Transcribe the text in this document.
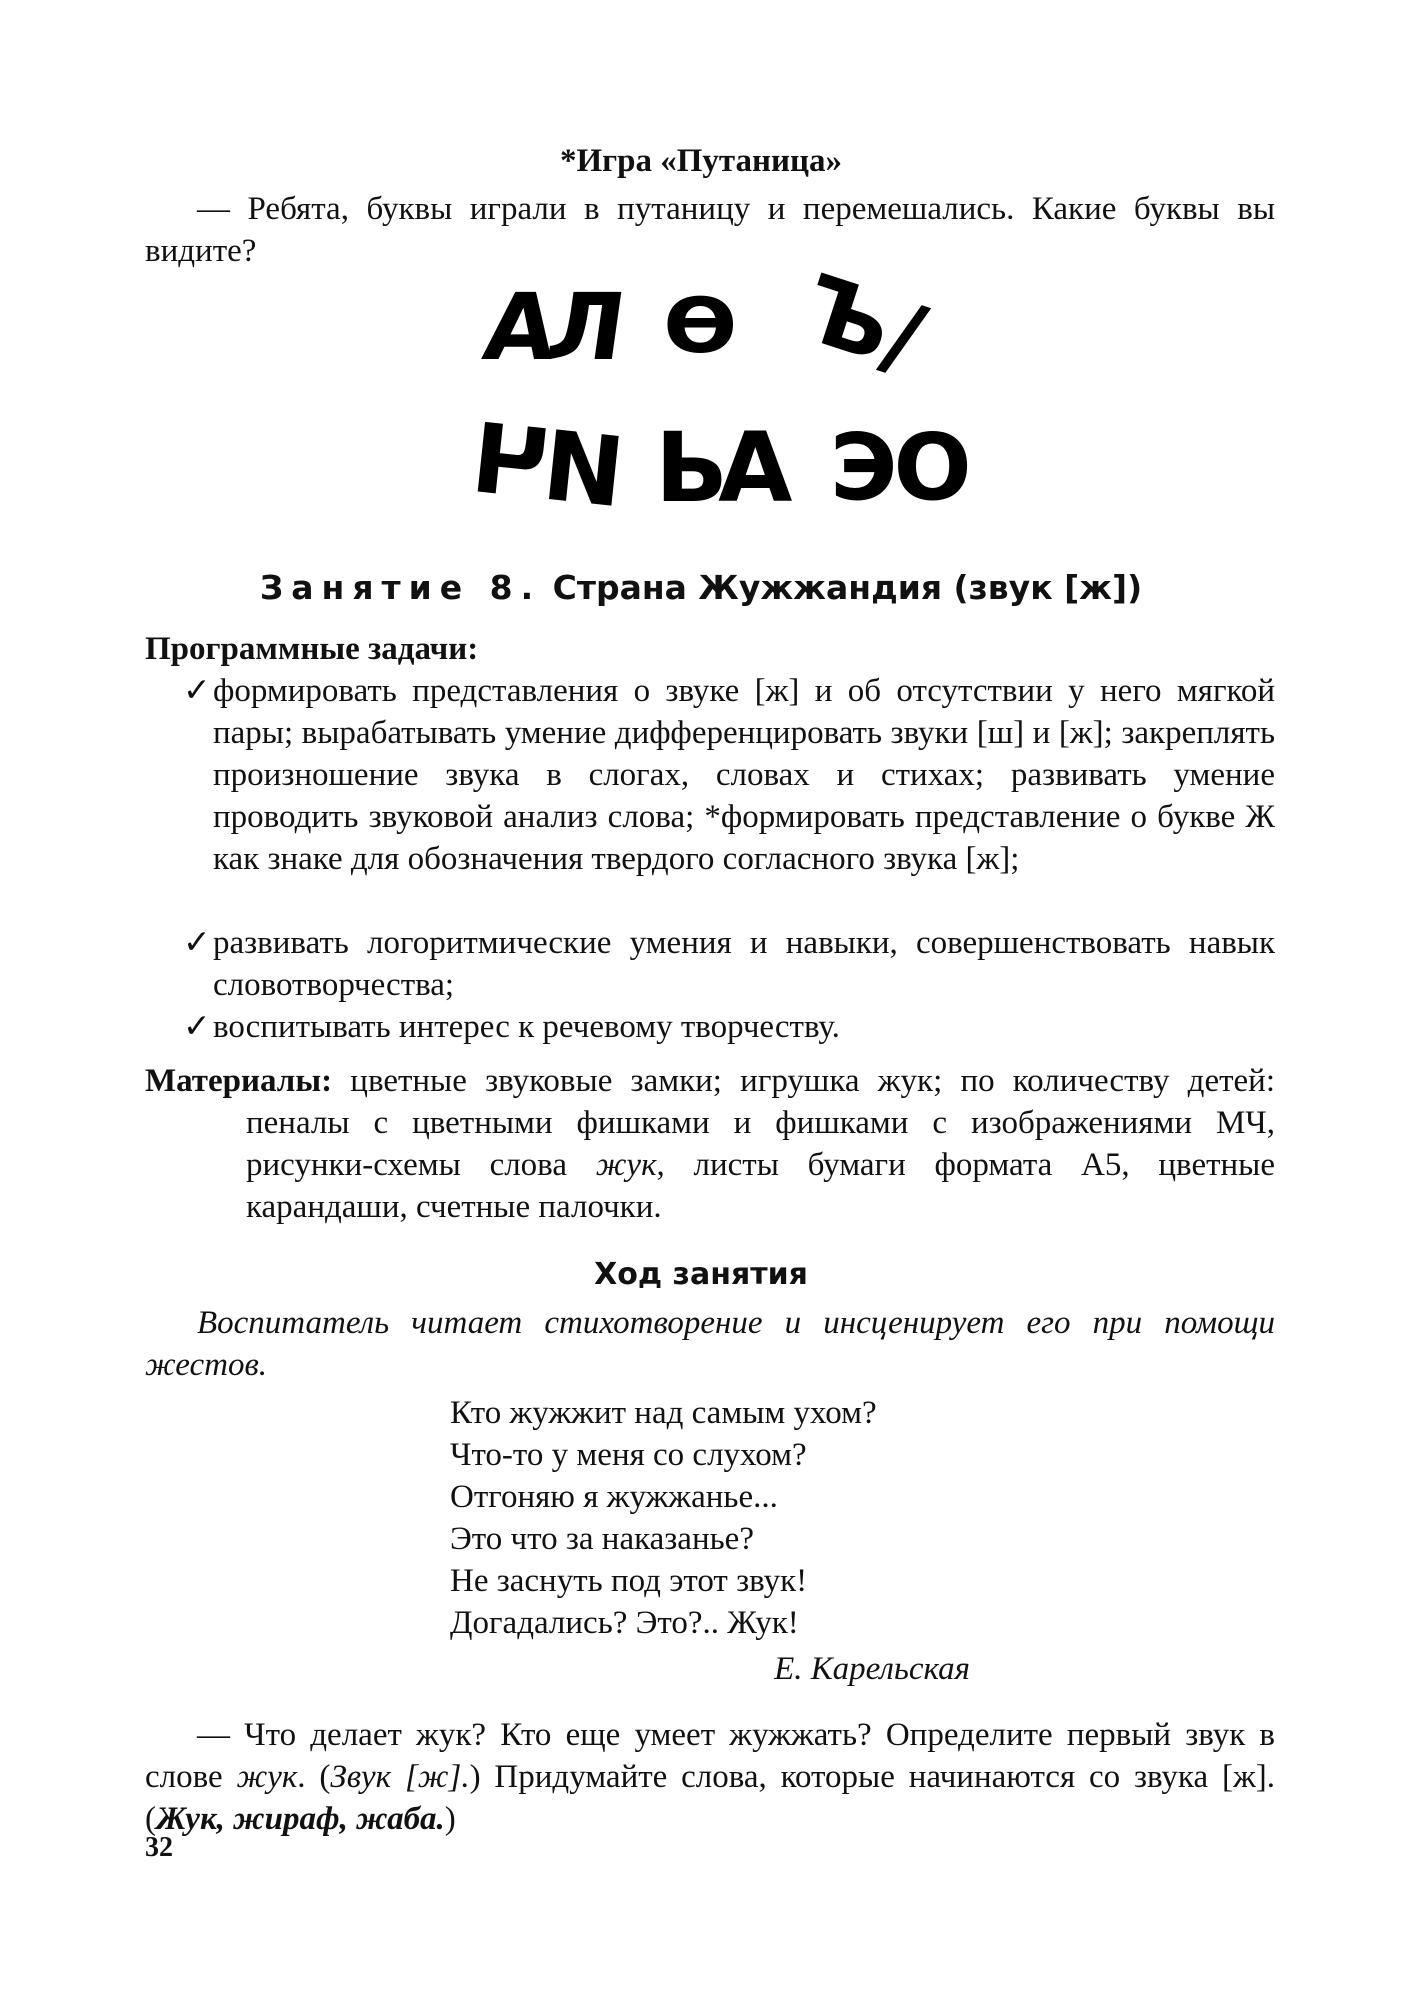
*Игра «Путаница»

— Ребята, буквы играли в путаницу и перемешались. Какие буквы вы видите?

АЛ Ө Ъ/
ИЧ ЬА ЭО
Занятие 8. Страна Жужжандия (звук [ж])

Программные задачи:

✓ формировать представления о звуке [ж] и об отсутствии у него мягкой пары; вырабатывать умение дифференцировать звуки [ш] и [ж]; закреплять произношение звука в слогах, словах и стихах; развивать умение проводить звуковой анализ слова; *формировать представление о букве Ж как знаке для обозначения твердого согласного звука [ж];
✓ развивать логоритмические умения и навыки, совершенствовать навык словотворчества;
✓ воспитывать интерес к речевому творчеству.

Материалы: цветные звуковые замки; игрушка жук; по количеству детей: пеналы с цветными фишками и фишками с изображениями МЧ, рисунки-схемы слова жук, листы бумаги формата А5, цветные карандаши, счетные палочки.

Ход занятия

Воспитатель читает стихотворение и инсценирует его при помощи жестов.

Кто жужжит над самым ухом?
Что-то у меня со слухом?
Отгоняю я жужжанье...
Это что за наказанье?
Не заснуть под этот звук!
Догадались? Это?.. Жук!

Е. Карельская

— Что делает жук? Кто еще умеет жужжать? Определите первый звук в слове жук. (Звук [ж].) Придумайте слова, которые начинаются со звука [ж]. (Жук, жираф, жаба.)

32
